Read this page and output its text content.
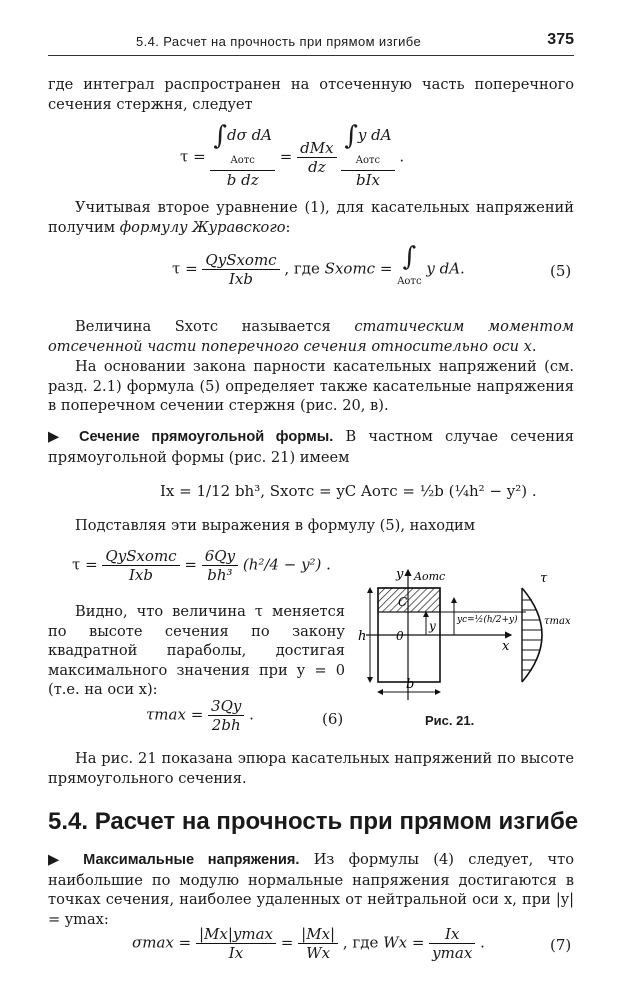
5.4. Расчет на прочность при прямом изгибе	375
где интеграл распространен на отсеченную часть поперечного сечения стержня, следует
τ =
∫dσ dA
$_{Aотс}$
b dz
= $\frac{\text{dMx}}{dz}$

∫y dA
$_{Aотс}$
bIx
.
Учитывая второе уравнение (1), для касательных напряжений получим формулу Журавского:
$\tau = \frac{\text{QySxотс}}{\text{Ixb}}$ , где Sxотс = ∫
$_{Aотс}$ y dA.	(5)
Величина Sxотс называется статическим моментом отсеченной части поперечного сечения относительно оси x.
На основании закона парности касательных напряжений (см. разд. 2.1) формула (5) определяет также касательные напряжения в поперечном сечении стержня (рис. 20, в).
▶ Сечение прямоугольной формы. В частном случае сечения прямоугольной формы (рис. 21) имеем
Ix = 1/12 bh³, Sxотс = yC Aотс = ½b (¼h² − y²) .
Подставляя эти выражения в формулу (5), находим
$\tau = \frac{\text{QySxотс}}{\text{Ixb}} = \frac{6Qy}{\text{bh³}} (h^2/4 - y^2)$ .
Видно, что величина τ меняется по высоте сечения по закону квадратной параболы, достигая максимального значения при y = 0 (т.е. на оси x):
$\tau\max = \frac{3Qy}{2bh}$ .	(6)
y Aотс	τ
τmax
C
y yc=½(h/2+y)
h 0
x
b
Рис. 21.
На рис. 21 показана эпюра касательных напряжений по высоте прямоугольного сечения.
5.4. Расчет на прочность при прямом изгибе
▶ Максимальные напряжения. Из формулы (4) следует, что наибольшие по модулю нормальные напряжения достигаются в точках сечения, наиболее удаленных от нейтральной оси x, при |y| = ymax:
$\sigma\max = \frac{|Mx|ymax}{Ix} = \frac{|Mx|}{Wx}$ , где $Wx = \frac{Ix}{ymax}$ .	(7)
